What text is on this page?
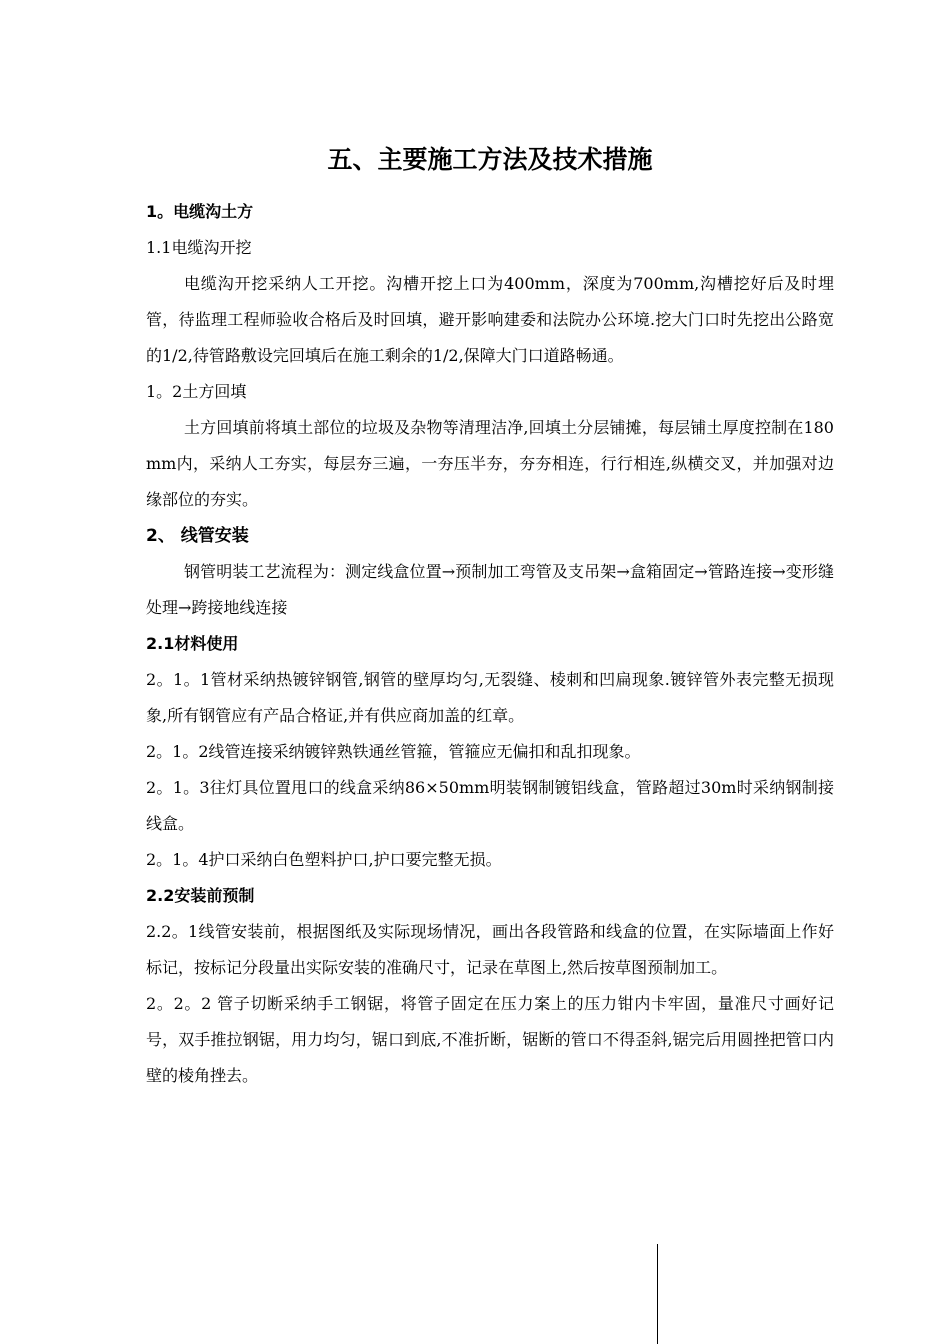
五、主要施工方法及技术措施
1。电缆沟土方
1.1电缆沟开挖
电缆沟开挖采纳人工开挖。沟槽开挖上口为400mm，深度为700mm,沟槽挖好后及时埋管，待监理工程师验收合格后及时回填，避开影响建委和法院办公环境.挖大门口时先挖出公路宽的1/2,待管路敷设完回填后在施工剩余的1/2,保障大门口道路畅通。
1。2土方回填
土方回填前将填土部位的垃圾及杂物等清理洁净,回填土分层铺摊，每层铺土厚度控制在180 mm内，采纳人工夯实，每层夯三遍，一夯压半夯，夯夯相连，行行相连,纵横交叉，并加强对边缘部位的夯实。
2、 线管安装
钢管明装工艺流程为：测定线盒位置→预制加工弯管及支吊架→盒箱固定→管路连接→变形缝处理→跨接地线连接
2.1材料使用
2。1。1管材采纳热镀锌钢管,钢管的壁厚均匀,无裂缝、棱刺和凹扁现象.镀锌管外表完整无损现象,所有钢管应有产品合格证,并有供应商加盖的红章。
2。1。2线管连接采纳镀锌熟铁通丝管箍，管箍应无偏扣和乱扣现象。
2。1。3往灯具位置甩口的线盒采纳86×50mm明装钢制镀铝线盒，管路超过30m时采纳钢制接线盒。
2。1。4护口采纳白色塑料护口,护口要完整无损。
2.2安装前预制
2.2。1线管安装前，根据图纸及实际现场情况，画出各段管路和线盒的位置，在实际墙面上作好标记，按标记分段量出实际安装的准确尺寸，记录在草图上,然后按草图预制加工。
2。2。2 管子切断采纳手工钢锯，将管子固定在压力案上的压力钳内卡牢固，量准尺寸画好记号，双手推拉钢锯，用力均匀，锯口到底,不准折断，锯断的管口不得歪斜,锯完后用圆挫把管口内壁的棱角挫去。
